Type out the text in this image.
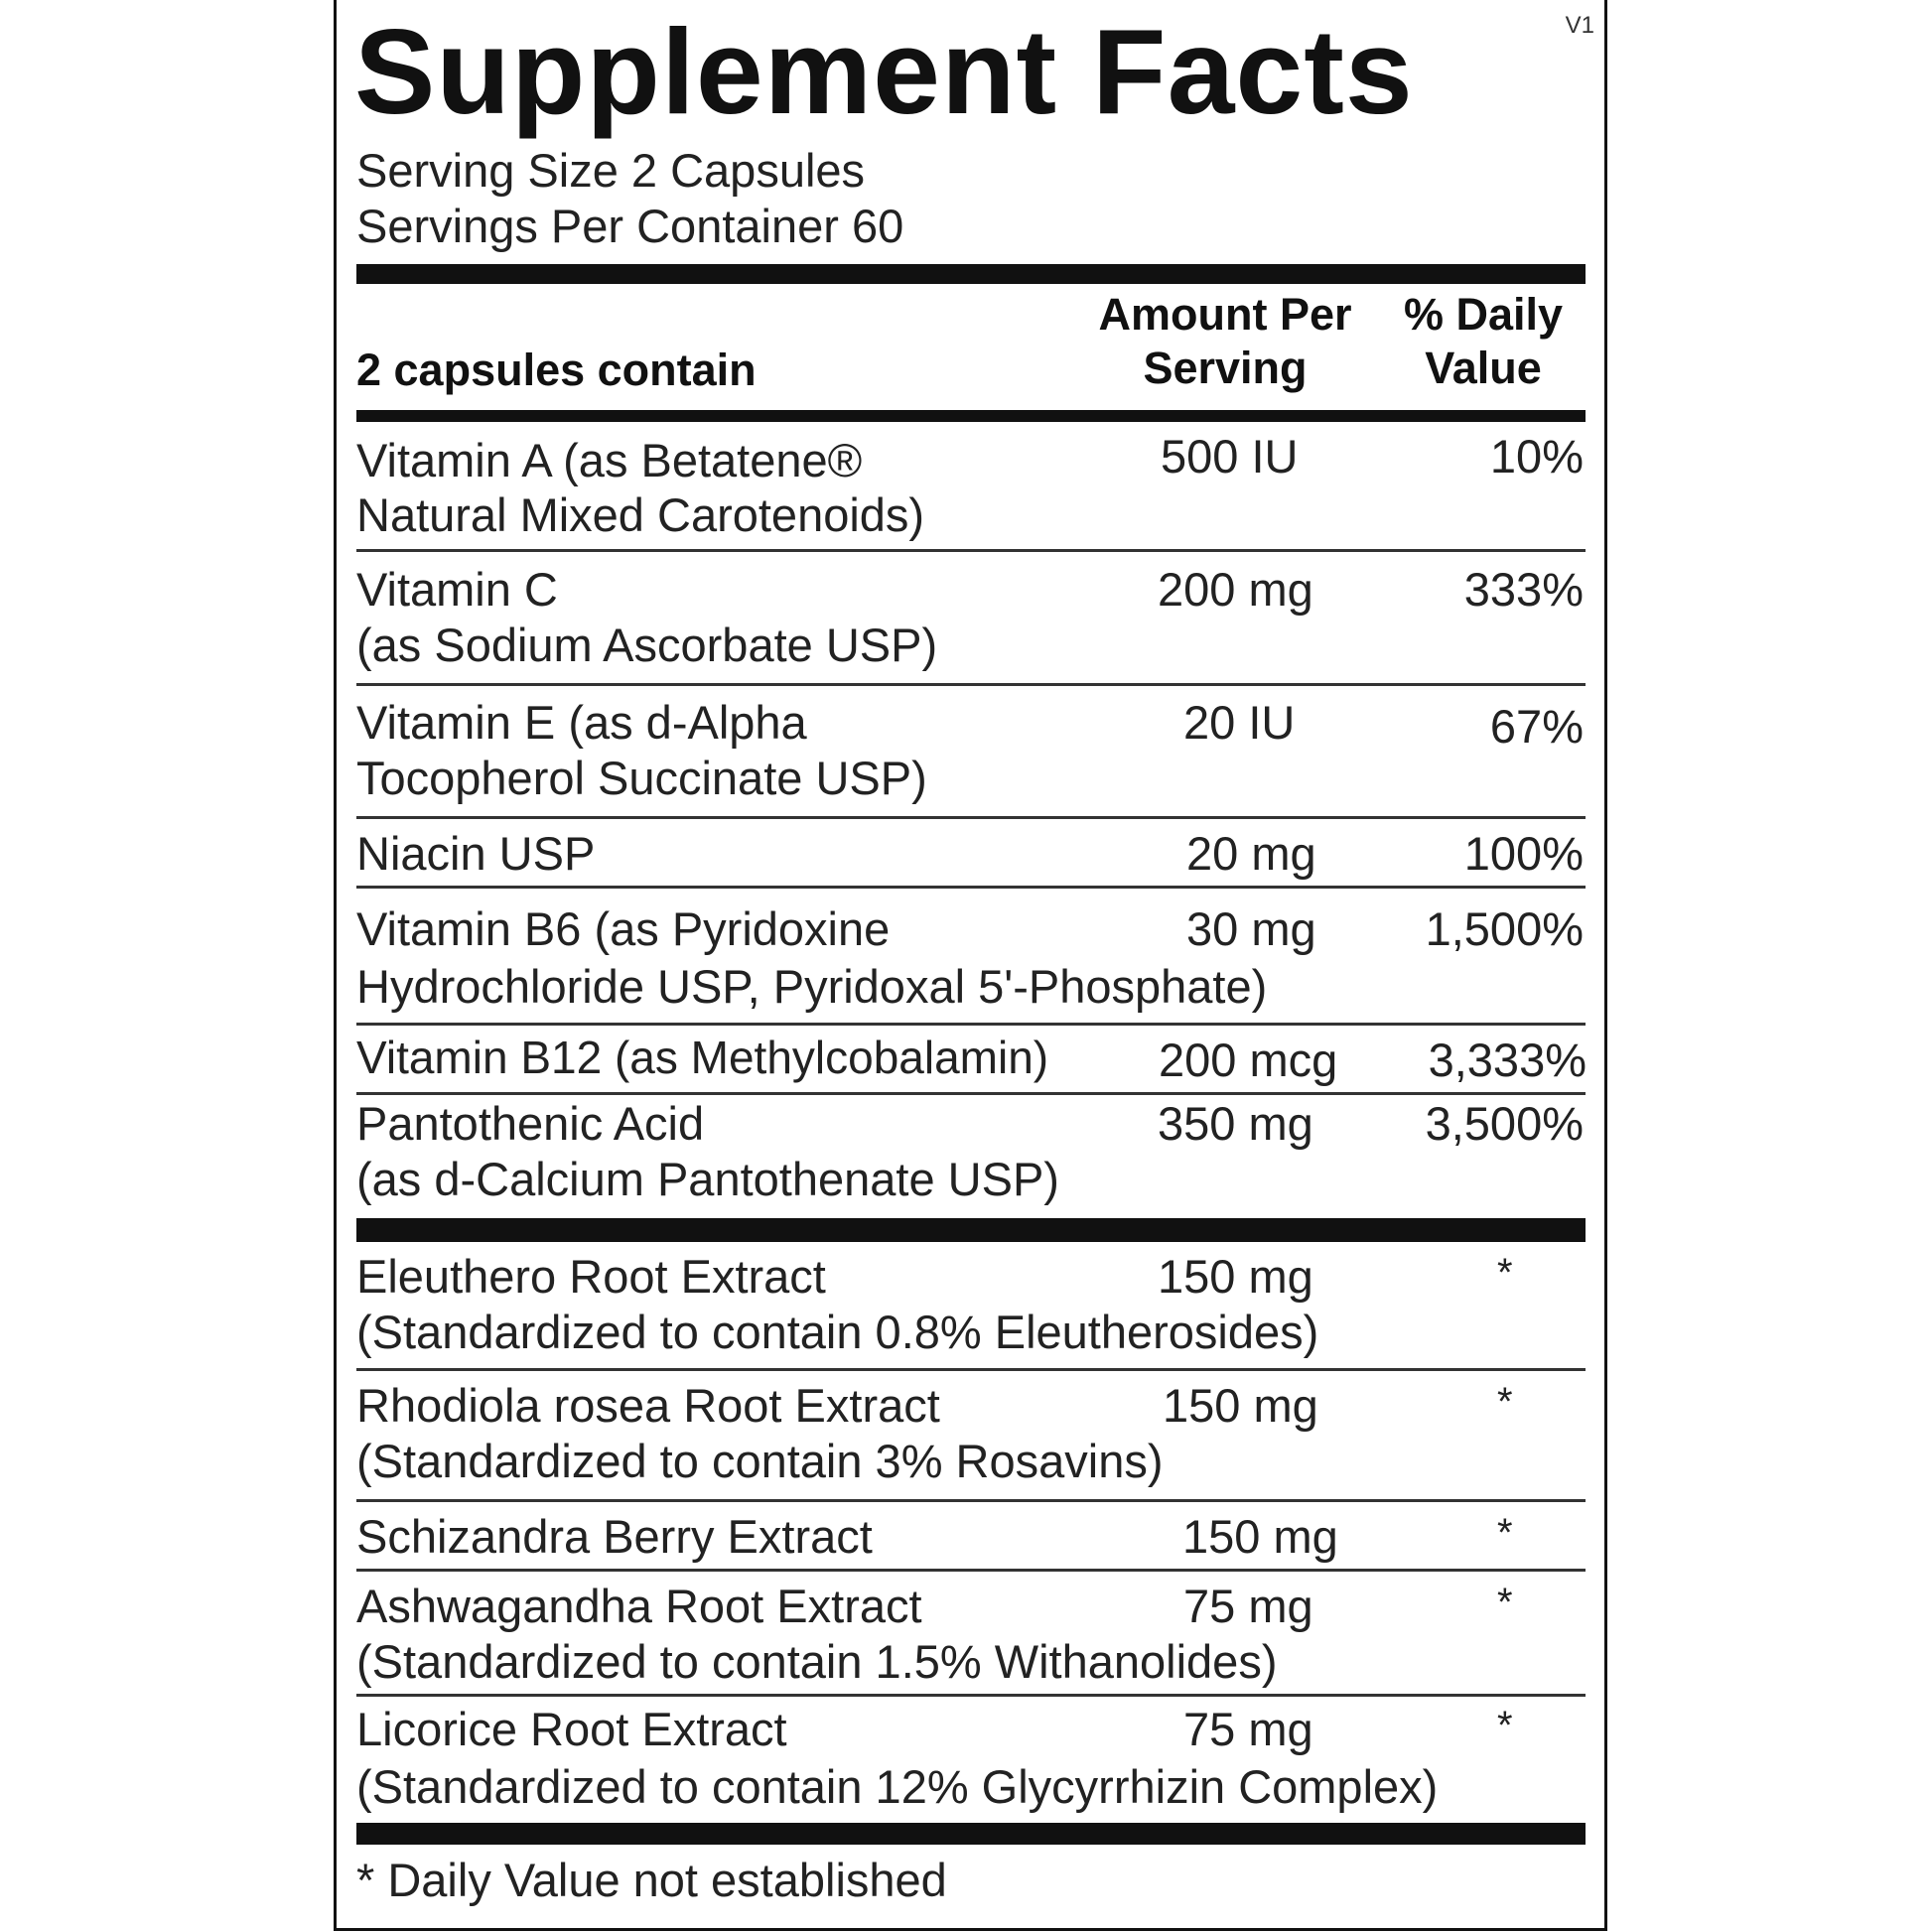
Supplement Facts	V1
Serving Size 2 Capsules
Servings Per Container 60
2 capsules contain
Amount Per
Serving
% Daily
Value
Vitamin A (as Betatene®
Natural Mixed Carotenoids)
500 IU	10%
Vitamin C
(as Sodium Ascorbate USP)
200 mg	333%
Vitamin E (as d-Alpha
Tocopherol Succinate USP)
20 IU	67%
Niacin USP	20 mg	100%
Vitamin B6 (as Pyridoxine
Hydrochloride USP, Pyridoxal 5'-Phosphate)
30 mg 1,500%
Vitamin B12 (as Methylcobalamin) 200 mcg 3,333%
Pantothenic Acid
(as d-Calcium Pantothenate USP)
350 mg 3,500%
Eleuthero Root Extract
(Standardized to contain 0.8% Eleutherosides)
150 mg	*
Rhodiola rosea Root Extract
(Standardized to contain 3% Rosavins)
150 mg	*
Schizandra Berry Extract	150 mg	*
Ashwagandha Root Extract
(Standardized to contain 1.5% Withanolides)
75 mg	*
Licorice Root Extract
(Standardized to contain 12% Glycyrrhizin Complex)
75 mg	*
* Daily Value not established
